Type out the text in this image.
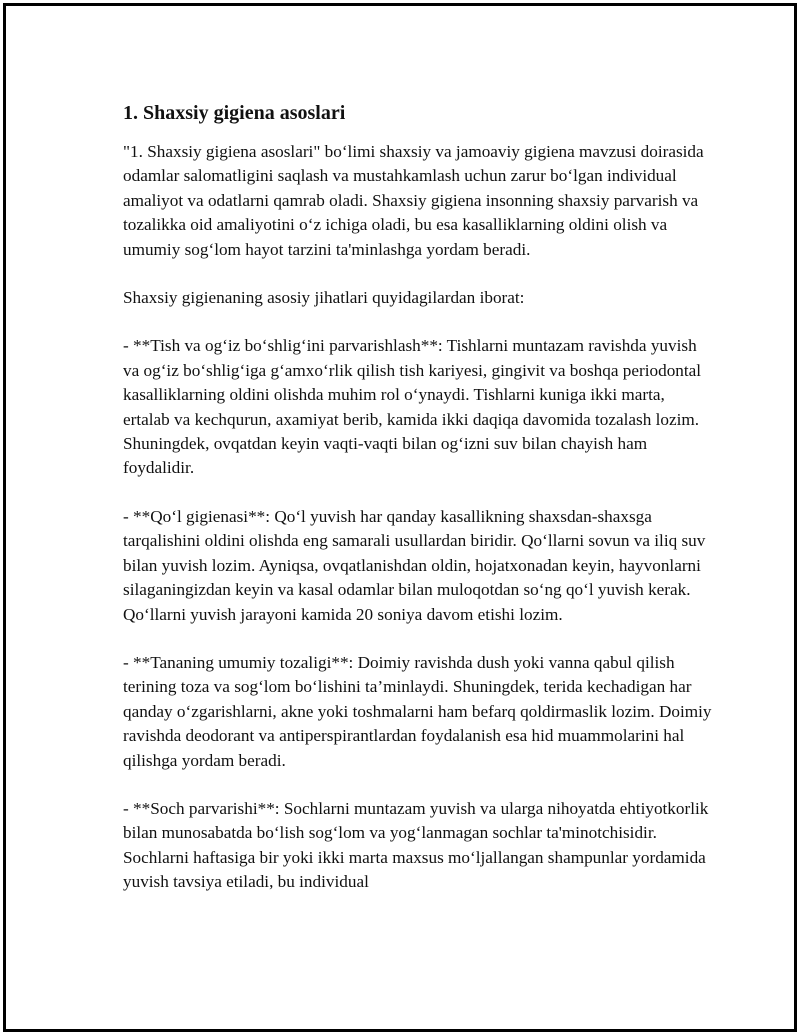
1. Shaxsiy gigiena asoslari

"1. Shaxsiy gigiena asoslari" bo‘limi shaxsiy va jamoaviy gigiena mavzusi doirasida odamlar salomatligini saqlash va mustahkamlash uchun zarur bo‘lgan individual amaliyot va odatlarni qamrab oladi. Shaxsiy gigiena insonning shaxsiy parvarish va tozalikka oid amaliyotini o‘z ichiga oladi, bu esa kasalliklarning oldini olish va umumiy sog‘lom hayot tarzini ta'minlashga yordam beradi.

Shaxsiy gigienaning asosiy jihatlari quyidagilardan iborat:

- **Tish va og‘iz bo‘shlig‘ini parvarishlash**: Tishlarni muntazam ravishda yuvish va og‘iz bo‘shlig‘iga g‘amxo‘rlik qilish tish kariyesi, gingivit va boshqa periodontal kasalliklarning oldini olishda muhim rol o‘ynaydi. Tishlarni kuniga ikki marta, ertalab va kechqurun, axamiyat berib, kamida ikki daqiqa davomida tozalash lozim. Shuningdek, ovqatdan keyin vaqti-vaqti bilan og‘izni suv bilan chayish ham foydalidir.

- **Qo‘l gigienasi**: Qo‘l yuvish har qanday kasallikning shaxsdan-shaxsga tarqalishini oldini olishda eng samarali usullardan biridir. Qo‘llarni sovun va iliq suv bilan yuvish lozim. Ayniqsa, ovqatlanishdan oldin, hojatxonadan keyin, hayvonlarni silaganingizdan keyin va kasal odamlar bilan muloqotdan so‘ng qo‘l yuvish kerak. Qo‘llarni yuvish jarayoni kamida 20 soniya davom etishi lozim.

- **Tananing umumiy tozaligi**: Doimiy ravishda dush yoki vanna qabul qilish terining toza va sog‘lom bo‘lishini ta’minlaydi. Shuningdek, terida kechadigan har qanday o‘zgarishlarni, akne yoki toshmalarni ham befarq qoldirmaslik lozim. Doimiy ravishda deodorant va antiperspirantlardan foydalanish esa hid muammolarini hal qilishga yordam beradi.

- **Soch parvarishi**: Sochlarni muntazam yuvish va ularga nihoyatda ehtiyotkorlik bilan munosabatda bo‘lish sog‘lom va yog‘lanmagan sochlar ta'minotchisidir. Sochlarni haftasiga bir yoki ikki marta maxsus mo‘ljallangan shampunlar yordamida yuvish tavsiya etiladi, bu individual
